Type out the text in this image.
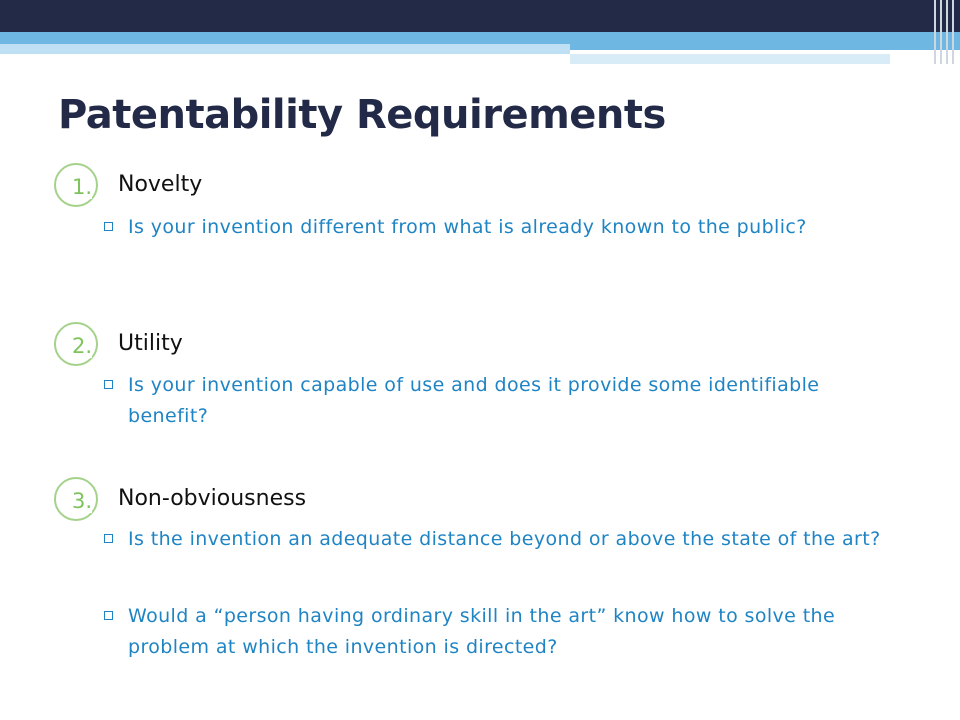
Patentability Requirements
1. Novelty
Is your invention different from what is already known to the public?
2. Utility
Is your invention capable of use and does it provide some identifiable benefit?
3. Non-obviousness
Is the invention an adequate distance beyond or above the state of the art?
Would a “person having ordinary skill in the art” know how to solve the problem at which the invention is directed?
